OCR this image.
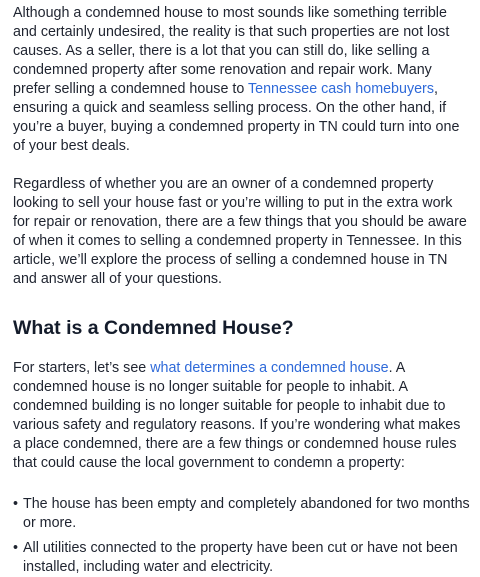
Although a condemned house to most sounds like something terrible and certainly undesired, the reality is that such properties are not lost causes. As a seller, there is a lot that you can still do, like selling a condemned property after some renovation and repair work. Many prefer selling a condemned house to Tennessee cash homebuyers, ensuring a quick and seamless selling process. On the other hand, if you’re a buyer, buying a condemned property in TN could turn into one of your best deals.

Regardless of whether you are an owner of a condemned property looking to sell your house fast or you’re willing to put in the extra work for repair or renovation, there are a few things that you should be aware of when it comes to selling a condemned property in Tennessee. In this article, we’ll explore the process of selling a condemned house in TN and answer all of your questions.

What is a Condemned House?

For starters, let’s see what determines a condemned house. A condemned house is no longer suitable for people to inhabit. A condemned building is no longer suitable for people to inhabit due to various safety and regulatory reasons. If you’re wondering what makes a place condemned, there are a few things or condemned house rules that could cause the local government to condemn a property:

• The house has been empty and completely abandoned for two months or more.
• All utilities connected to the property have been cut or have not been installed, including water and electricity.
